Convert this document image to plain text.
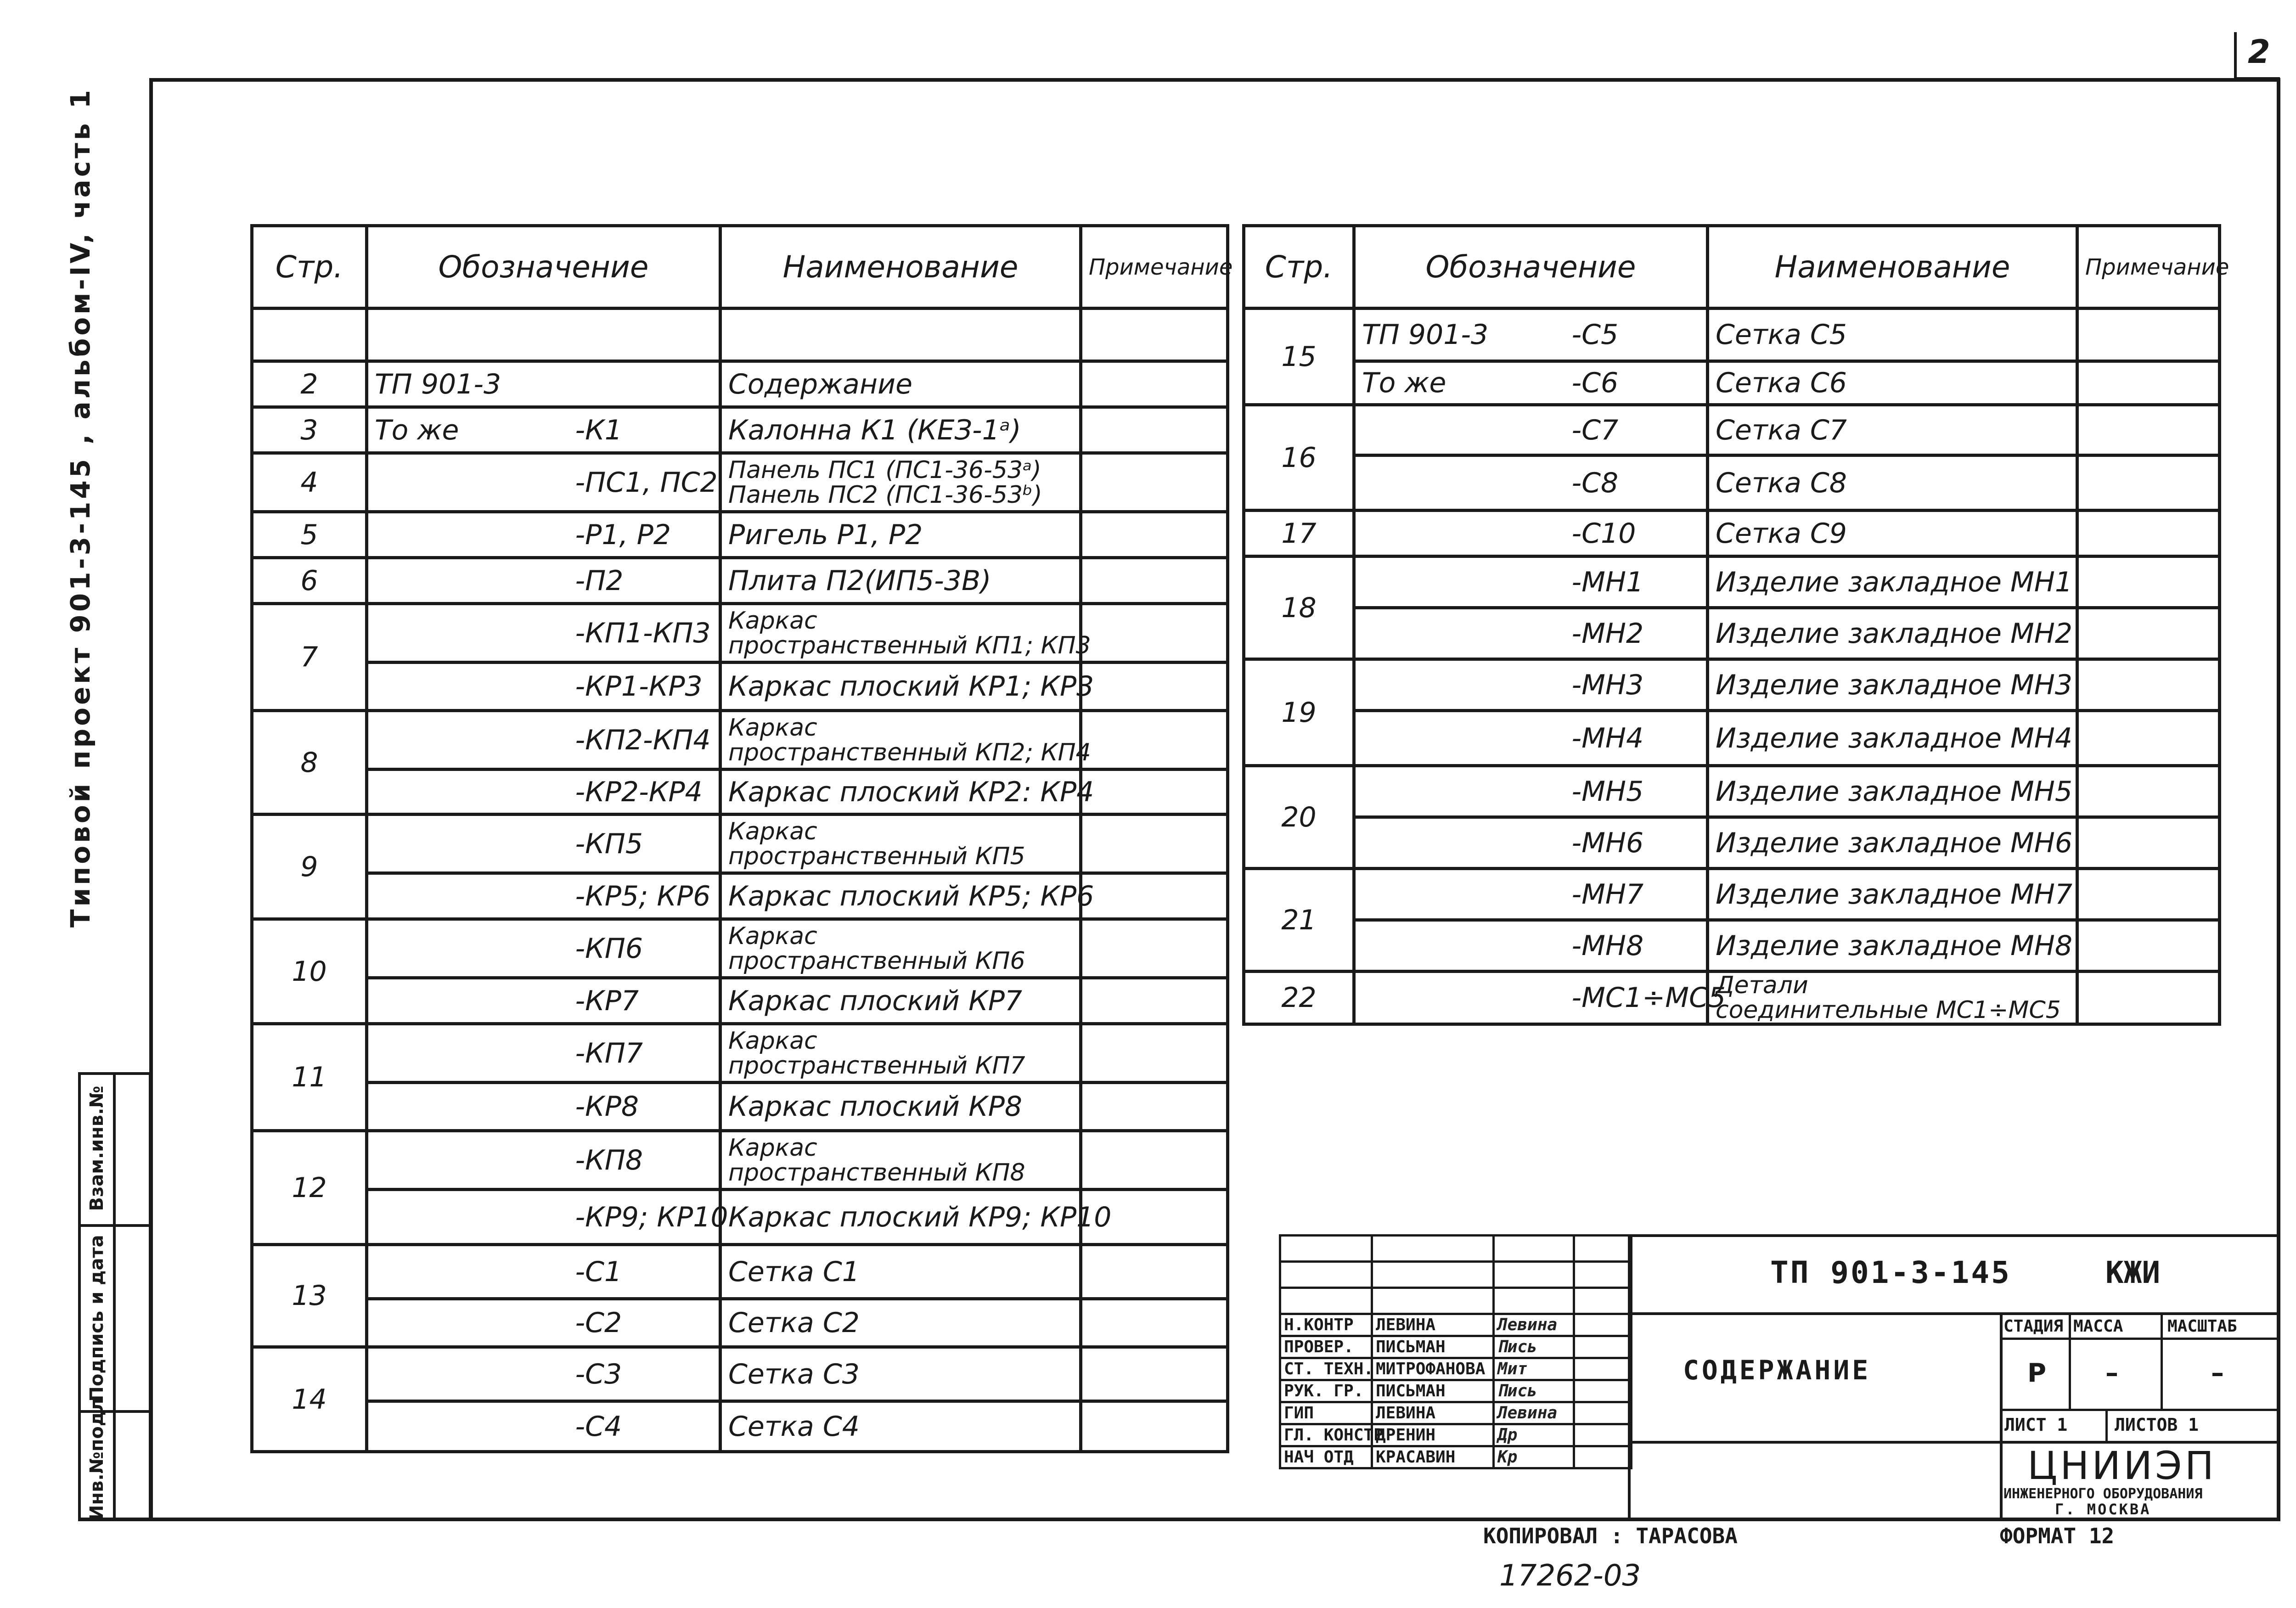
2
Типовой проект 901-3-145 , альбом-IV, часть 1
Взам.инв.№
Подпись и дата
Инв.№подл
Стр.	Обозначение		Наименование	Примечание

2	ТП 901-3		Содержание	

3	То же	-К1	Калонна К1 (КЕЗ-1ᵃ)	

4		-ПС1, ПС2	Панель ПС1 (ПС1-36-53ᵃ)
Панель ПС2 (ПС1-36-53ᵇ)	

5		-Р1, Р2	Ригель Р1, Р2	

6		-П2	Плита П2(ИП5-3В)	

7		-КП1-КП3	Каркас
пространственный КП1; КП3	

		-КР1-КР3	Каркас плоский КР1; КР3	

8		-КП2-КП4	Каркас
пространственный КП2; КП4	

		-КР2-КР4	Каркас плоский КР2: КР4	

9		-КП5	Каркас
пространственный КП5	

		-КР5; КР6	Каркас плоский КР5; КР6	

10		-КП6	Каркас
пространственный КП6	

		-КР7	Каркас плоский КР7	

11		-КП7	Каркас
пространственный КП7	

		-КР8	Каркас плоский КР8	

12		-КП8	Каркас
пространственный КП8	

		-КР9; КР10	Каркас плоский КР9; КР10	

13		-С1	Сетка С1	

		-С2	Сетка С2	

14		-С3	Сетка С3	

		-С4	Сетка С4	

Стр.	Обозначение		Наименование	Примечание
15	ТП 901-3	-С5	Сетка С5	

	То же	-С6	Сетка С6	

16		-С7	Сетка С7	

		-С8	Сетка С8	

17		-С10	Сетка С9	

18		-МН1	Изделие закладное МН1	

		-МН2	Изделие закладное МН2	

19		-МН3	Изделие закладное МН3	

		-МН4	Изделие закладное МН4	

20		-МН5	Изделие закладное МН5	

		-МН6	Изделие закладное МН6	

21		-МН7	Изделие закладное МН7	

		-МН8	Изделие закладное МН8	

22		-МС1÷МС5	Детали
соединительные МС1÷МС5	

Н.КОНТР	ЛЕВИНА	Левина	
ПРОВЕР.	ПИСЬМАН	Пись	
СТ. ТЕХН.	МИТРОФАНОВА	Мит	
РУК. ГР.	ПИСЬМАН	Пись	
ГИП	ЛЕВИНА	Левина	
ГЛ. КОНСТР	ДРЕНИН	Др	
НАЧ ОТД	КРАСАВИН	Кр	
ТП 901-3-145	КЖИ
СОДЕРЖАНИЕ
СТАДИЯ МАССА	МАСШТАБ
Р –	–
ЛИСТ 1	ЛИСТОВ 1
ЦНИИЭП
ИНЖЕНЕРНОГО ОБОРУДОВАНИЯ
Г. МОСКВА
КОПИРОВАЛ : ТАРАСОВА	ФОРМАТ 12
17262-03
